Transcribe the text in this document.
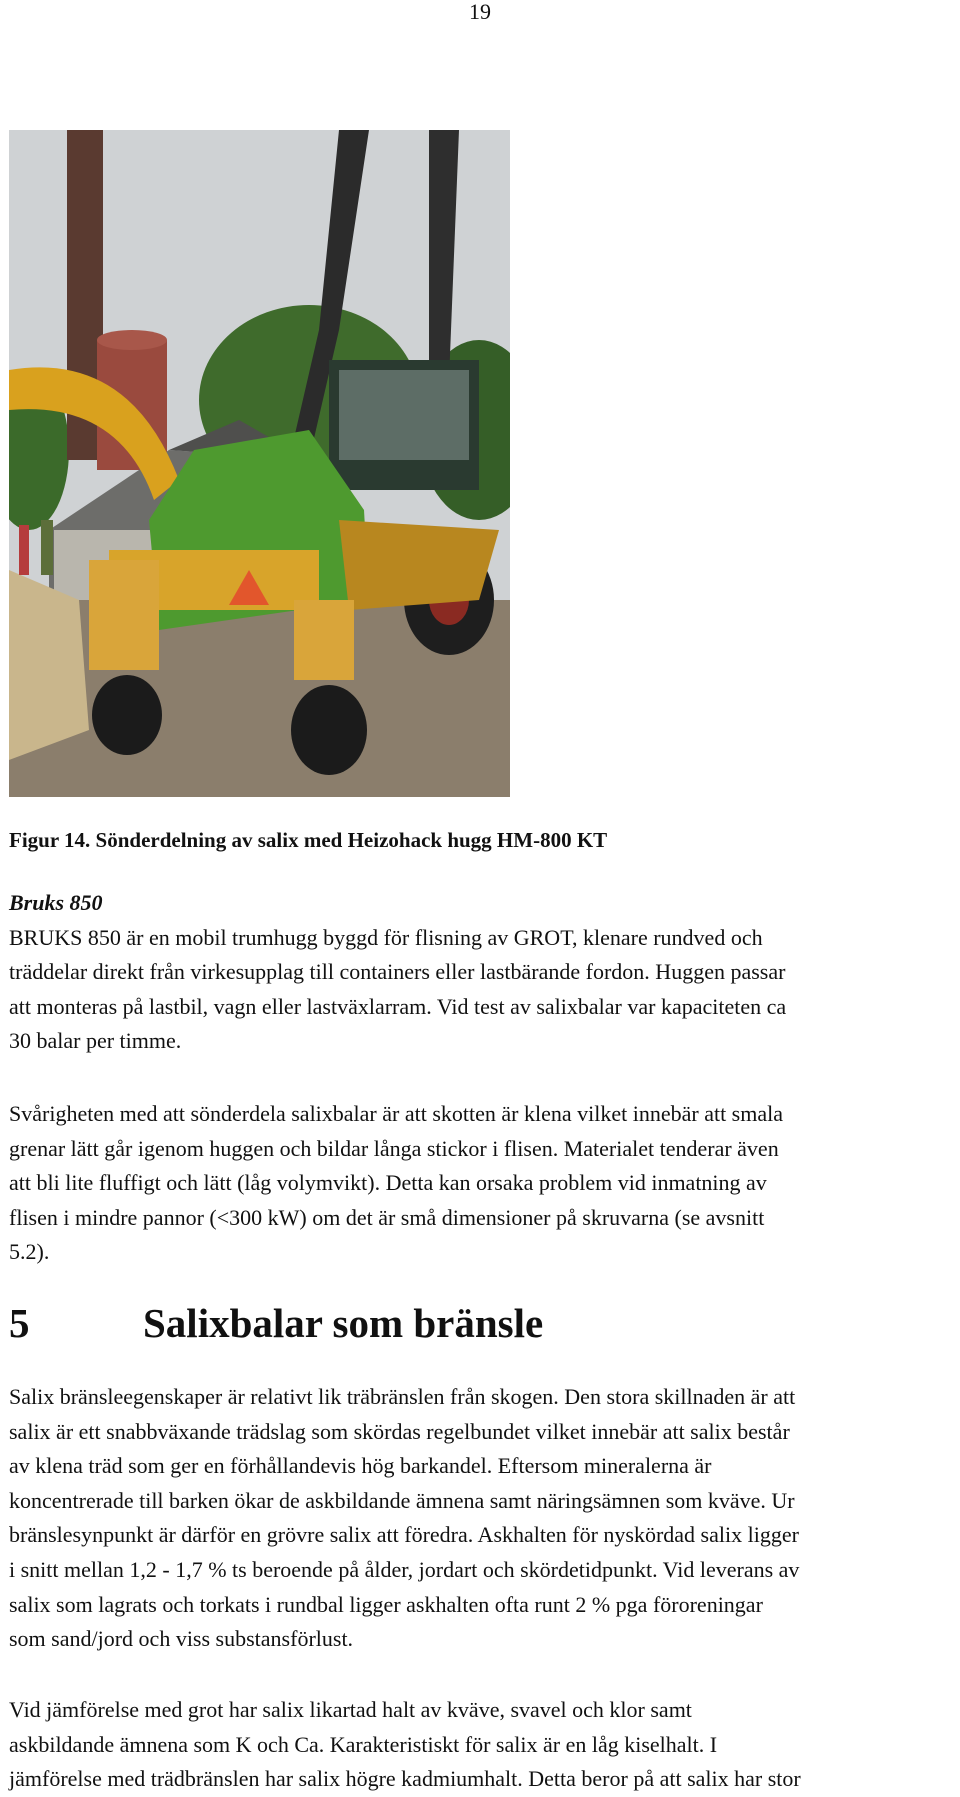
19
Figur 14. Sönderdelning av salix med Heizohack hugg HM-800 KT
Bruks 850
BRUKS 850 är en mobil trumhugg byggd för flisning av GROT, klenare rundved och
träddelar direkt från virkesupplag till containers eller lastbärande fordon. Huggen passar
att monteras på lastbil, vagn eller lastväxlarram. Vid test av salixbalar var kapaciteten ca
30 balar per timme.
Svårigheten med att sönderdela salixbalar är att skotten är klena vilket innebär att smala
grenar lätt går igenom huggen och bildar långa stickor i flisen. Materialet tenderar även
att bli lite fluffigt och lätt (låg volymvikt). Detta kan orsaka problem vid inmatning av
flisen i mindre pannor (<300 kW) om det är små dimensioner på skruvarna (se avsnitt
5.2).
5	Salixbalar som bränsle
Salix bränsleegenskaper är relativt lik träbränslen från skogen. Den stora skillnaden är att
salix är ett snabbväxande trädslag som skördas regelbundet vilket innebär att salix består
av klena träd som ger en förhållandevis hög barkandel. Eftersom mineralerna är
koncentrerade till barken ökar de askbildande ämnena samt näringsämnen som kväve. Ur
bränslesynpunkt är därför en grövre salix att föredra. Askhalten för nyskördad salix ligger
i snitt mellan 1,2 - 1,7 % ts beroende på ålder, jordart och skördetidpunkt. Vid leverans av
salix som lagrats och torkats i rundbal ligger askhalten ofta runt 2 % pga föroreningar
som sand/jord och viss substansförlust.
Vid jämförelse med grot har salix likartad halt av kväve, svavel och klor samt
askbildande ämnena som K och Ca. Karakteristiskt för salix är en låg kiselhalt. I
jämförelse med trädbränslen har salix högre kadmiumhalt. Detta beror på att salix har stor
